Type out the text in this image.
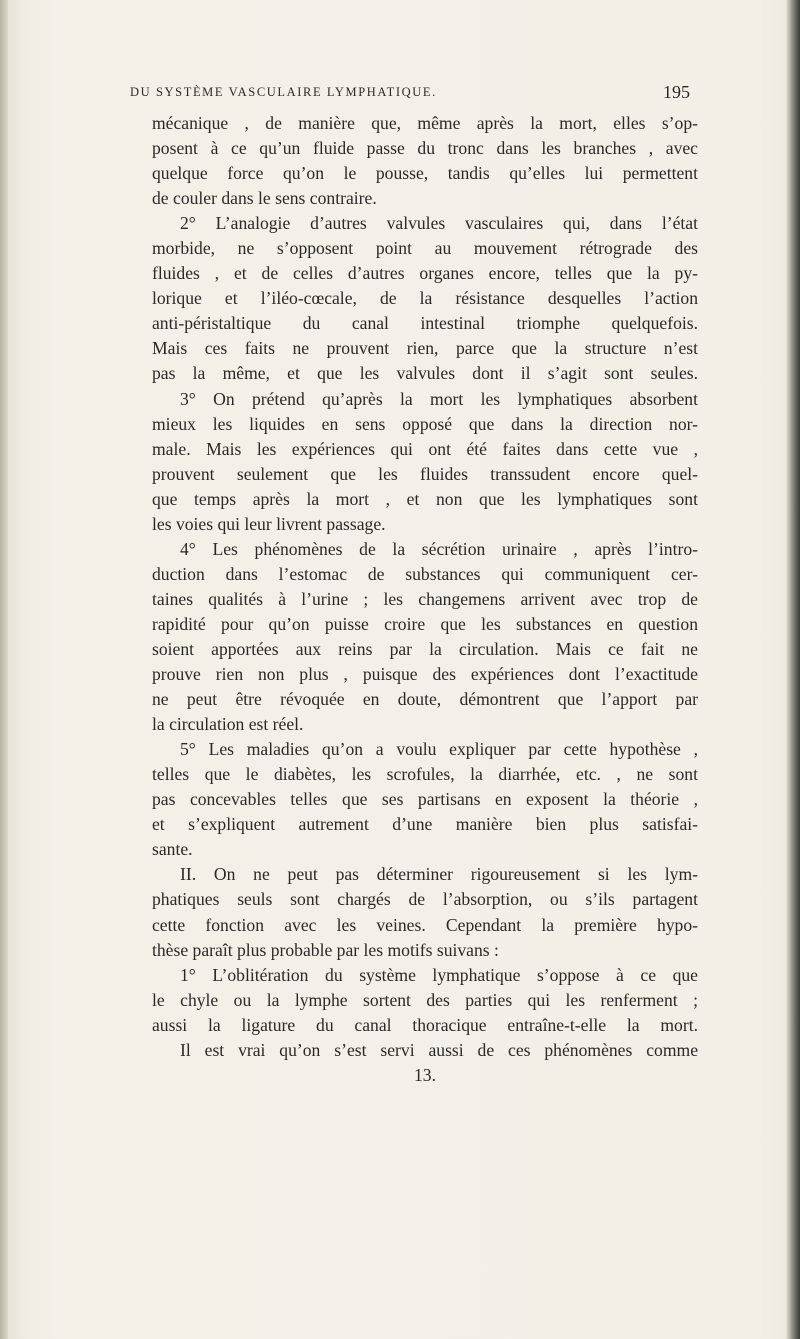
DU SYSTÈME VASCULAIRE LYMPHATIQUE.	195
mécanique , de manière que, même après la mort, elles s’op-
posent à ce qu’un fluide passe du tronc dans les branches , avec
quelque force qu’on le pousse, tandis qu’elles lui permettent
de couler dans le sens contraire.
2° L’analogie d’autres valvules vasculaires qui, dans l’état
morbide, ne s’opposent point au mouvement rétrograde des
fluides , et de celles d’autres organes encore, telles que la py-
lorique et l’iléo-cœcale, de la résistance desquelles l’action
anti-péristaltique du canal intestinal triomphe quelquefois.
Mais ces faits ne prouvent rien, parce que la structure n’est
pas la même, et que les valvules dont il s’agit sont seules.
3° On prétend qu’après la mort les lymphatiques absorbent
mieux les liquides en sens opposé que dans la direction nor-
male. Mais les expériences qui ont été faites dans cette vue ,
prouvent seulement que les fluides transsudent encore quel-
que temps après la mort , et non que les lymphatiques sont
les voies qui leur livrent passage.
4° Les phénomènes de la sécrétion urinaire , après l’intro-
duction dans l’estomac de substances qui communiquent cer-
taines qualités à l’urine ; les changemens arrivent avec trop de
rapidité pour qu’on puisse croire que les substances en question
soient apportées aux reins par la circulation. Mais ce fait ne
prouve rien non plus , puisque des expériences dont l’exactitude
ne peut être révoquée en doute, démontrent que l’apport par
la circulation est réel.
5° Les maladies qu’on a voulu expliquer par cette hypothèse ,
telles que le diabètes, les scrofules, la diarrhée, etc. , ne sont
pas concevables telles que ses partisans en exposent la théorie ,
et s’expliquent autrement d’une manière bien plus satisfai-
sante.
II. On ne peut pas déterminer rigoureusement si les lym-
phatiques seuls sont chargés de l’absorption, ou s’ils partagent
cette fonction avec les veines. Cependant la première hypo-
thèse paraît plus probable par les motifs suivans :
1° L’oblitération du système lymphatique s’oppose à ce que
le chyle ou la lymphe sortent des parties qui les renferment ;
aussi la ligature du canal thoracique entraîne-t-elle la mort.
Il est vrai qu’on s’est servi aussi de ces phénomènes comme
13.
